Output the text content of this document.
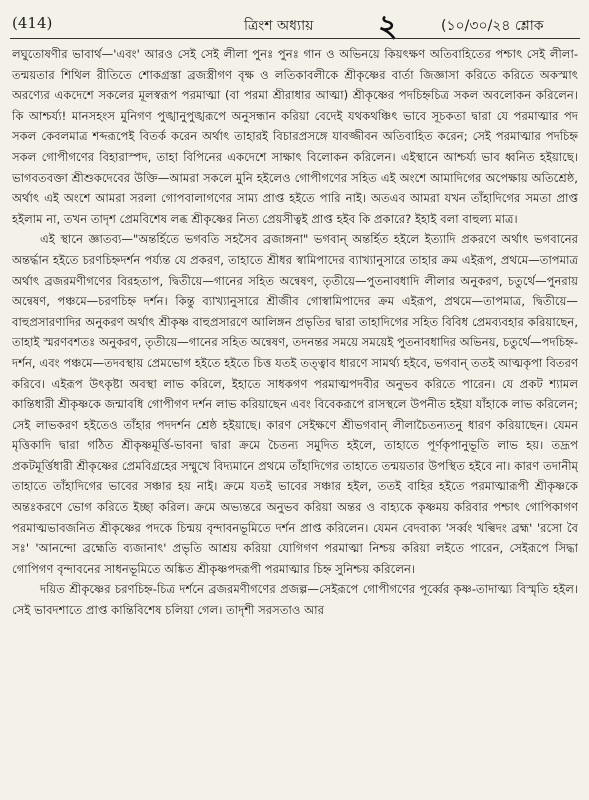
(414)	ত্রিংশ অধ্যায় ২	(১০/৩০/২৪ শ্লোক

লঘুতোষণীর ভাবার্থ—'এবং' আরও সেই সেই লীলা পুনঃ পুনঃ গান ও অভিনয়ে কিয়ৎক্ষণ অতিবাহিতের পশ্চাৎ সেই লীলা-তন্ময়তার শিথিল রীতিতে শোকগ্রস্তা ব্রজস্ত্রীগণ বৃক্ষ ও লতিকাবলীকে শ্রীকৃষ্ণের বার্তা জিজ্ঞাসা করিতে করিতে অকস্মাৎ অরণ্যের একদেশে সকলের মূলস্বরূপ পরমাত্মা (বা পরমা শ্রীরাধার আত্মা) শ্রীকৃষ্ণের পদচিহ্নচিত্র সকল অবলোকন করিলেন। কি আশ্চর্য্য! মানসহংস মুনিগণ পুঙ্খানুপুঙ্খরূপে অনুসন্ধান করিয়া বেদেই যথকথঞ্চিৎ ভাবে সূচকতা দ্বারা যে পরমাত্মার পদ সকল কেবলমাত্র শব্দরূপেই বিতর্ক করেন অর্থাৎ তাহারই বিচারপ্রসঙ্গে যাবজ্জীবন অতিবাহিত করেন; সেই পরমাত্মার পদচিহ্ন সকল গোপীগণের বিহারাস্পদ, তাহা বিপিনের একদেশে সাক্ষাৎ বিলোকন করিলেন। এইস্থানে আশ্চর্য্য ভাব ধ্বনিত হইয়াছে। ভাগবতবক্তা শ্রীশুকদেবের উক্তি—আমরা সকলে মুনি হইলেও গোপীগণের সহিত এই অংশে আমাদিগের অপেক্ষায় অতিশ্রেষ্ঠ, অর্থাৎ এই অংশে আমরা সরলা গোপবালাগণের সাম্য প্রাপ্ত হইতে পারি নাই। অতএব আমরা যখন তাঁহাদিগের সমতা প্রাপ্ত হইলাম না, তখন তাদৃশ প্রেমবিশেষ লব্ধ শ্রীকৃষ্ণের নিত্য প্রেয়সীত্বই প্রাপ্ত হইব কি প্রকারে? ইহাই বলা বাহুল্য মাত্র।

এই স্থানে জ্ঞাতব্য—"অন্তর্হিতে ভগবতি সহসৈব ব্রজাঙ্গনা" ভগবান্ অন্তর্হিত হইলে ইত্যাদি প্রকরণে অর্থাৎ ভগবানের অন্তর্দ্ধান হইতে চরণচিহ্নদর্শন পর্য্যন্ত যে প্রকরণ, তাহাতে শ্রীধর স্বামিপাদের ব্যাখ্যানুসারে তাহার ক্রম এইরূপ, প্রথমে—তাপমাত্র অর্থাৎ ব্রজরমণীগণের বিরহতাপ, দ্বিতীয়ে—গানের সহিত অন্বেষণ, তৃতীয়ে—পুতনাবধাদি লীলার অনুকরণ, চতুর্থে—পুনরায় অন্বেষণ, পঞ্চমে—চরণচিহ্ন দর্শন। কিন্তু ব্যাখ্যানুসারে শ্রীজীব গোস্বামিপাদের ক্রম এইরূপ, প্রথমে—তাপমাত্র, দ্বিতীয়ে—বাহুপ্রসারণাদির অনুকরণ অর্থাৎ শ্রীকৃষ্ণ বাহুপ্রসারণে আলিঙ্গন প্রভৃতির দ্বারা তাহাদিগের সহিত বিবিধ প্রেমব্যবহার করিয়াছেন, তাহাই স্মরণবশতঃ অনুকরণ, তৃতীয়ে—গানের সহিত অন্বেষণ, তদনন্তর সময়ে সময়েই পুতনাবধাদির অভিনয়, চতুর্থে—পদচিহ্ন-দর্শন, এবং পঞ্চমে—তদবস্থায় প্রেমভোগ হইতে হইতে চিত্ত যতই তত্ত্বাব ধারণে সামর্থ্য হইবে, ভগবান্ ততই আত্মকৃপা বিতরণ করিবে। এইরূপ উৎকৃষ্টা অবস্থা লাভ করিলে, ইহাতে সাধকগণ পরমাত্মপদবীর অনুভব করিতে পারেন। যে প্রকট শ্যামল কান্তিধারী শ্রীকৃষ্ণকে জন্মাবধি গোপীগণ দর্শন লাভ করিয়াছেন এবং বিবেকরূপে রাসস্থলে উপনীত হইয়া যাঁহাকে লাভ করিলেন; সেই লাভকরণ হইতেও তাঁহার পদদর্শন শ্রেষ্ঠ হইয়াছে। কারণ সেইক্ষণে শ্রীভগবান্ লীলাচৈতন্যতনু ধারণ করিয়াছেন। যেমন মৃত্তিকাদি দ্বারা গঠিত শ্রীকৃষ্ণমূর্ত্তি-ভাবনা দ্বারা ক্রমে চৈতন্য সমুদিত হইলে, তাহাতে পূর্ণকৃপানুভূতি লাভ হয়। তদ্রূপ প্রকটমূর্ত্তিধারী শ্রীকৃষ্ণের প্রেমবিগ্রহের সম্মুখে বিদ্যমানে প্রথমে তাঁহাদিগের তাহাতে তন্ময়তার উপস্থিত হইবে না। কারণ তদানীম্ তাহাতে তাঁহাদিগের ভাবের সঞ্চার হয় নাই। ক্রমে যতই ভাবের সঞ্চার হইল, ততই বাহির হইতে পরমাত্মারূপী শ্রীকৃষ্ণকে অন্তঃকরণে ভোগ করিতে ইচ্ছা করিল। ক্রমে অভ্যন্তরে অনুভব করিয়া অন্তর ও বাহ্যকে কৃষ্ণময় করিবার পশ্চাৎ গোপিকাগণ পরমাত্মভাবজনিত শ্রীকৃষ্ণের পদকে চিন্ময় বৃন্দাবনভূমিতে দর্শন প্রাপ্ত করিলেন। যেমন বেদবাক্য 'সর্ব্বং খল্বিদং ব্রহ্ম' 'রসো বৈ সঃ' 'আনন্দো ব্রহ্মেতি ব্যজানাৎ' প্রভৃতি আশ্রয় করিয়া যোগিগণ পরমাত্মা নিশ্চয় করিয়া লইতে পারেন, সেইরূপে সিদ্ধা গোপিগণ বৃন্দাবনের সাধনভূমিতে অঙ্কিত শ্রীকৃষ্ণপদরূপী পরমাত্মার চিহ্ন সুনিশ্চয় করিলেন।

দয়িত শ্রীকৃষ্ণের চরণচিহ্ন-চিত্র দর্শনে ব্রজরমণীগণের প্রজল্প—সেইরূপে গোপীগণের পূর্ব্বের কৃষ্ণ-তাদাত্ম্য বিস্মৃতি হইল। সেই ভাবদশাতে প্রাপ্ত কান্তিবিশেষ চলিয়া গেল। তাদৃশী সরসতাও আর
